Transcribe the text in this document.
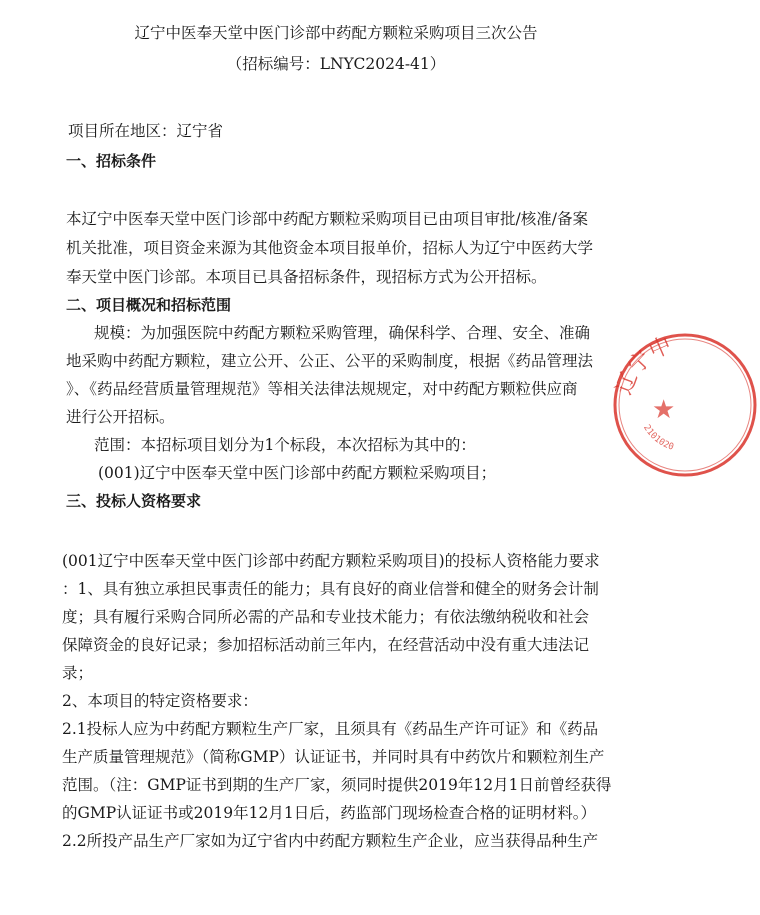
辽宁中医奉天堂中医门诊部中药配方颗粒采购项目三次公告
（招标编号：LNYC2024-41）
项目所在地区：辽宁省
一、招标条件
本辽宁中医奉天堂中医门诊部中药配方颗粒采购项目已由项目审批/核准/备案
机关批准，项目资金来源为其他资金本项目报单价，招标人为辽宁中医药大学
奉天堂中医门诊部。本项目已具备招标条件，现招标方式为公开招标。
二、项目概况和招标范围
规模：为加强医院中药配方颗粒采购管理，确保科学、合理、安全、准确
地采购中药配方颗粒，建立公开、公正、公平的采购制度，根据《药品管理法
》、《药品经营质量管理规范》等相关法律法规规定，对中药配方颗粒供应商
进行公开招标。
范围：本招标项目划分为1个标段，本次招标为其中的：
(001)辽宁中医奉天堂中医门诊部中药配方颗粒采购项目；
三、投标人资格要求
(001辽宁中医奉天堂中医门诊部中药配方颗粒采购项目)的投标人资格能力要求
：1、具有独立承担民事责任的能力；具有良好的商业信誉和健全的财务会计制
度；具有履行采购合同所必需的产品和专业技术能力；有依法缴纳税收和社会
保障资金的良好记录；参加招标活动前三年内，在经营活动中没有重大违法记
录；
2、本项目的特定资格要求：
2.1投标人应为中药配方颗粒生产厂家，且须具有《药品生产许可证》和《药品
生产质量管理规范》（简称GMP）认证证书，并同时具有中药饮片和颗粒剂生产
范围。（注：GMP证书到期的生产厂家，须同时提供2019年12月1日前曾经获得
的GMP认证证书或2019年12月1日后，药监部门现场检查合格的证明材料。）
2.2所投产品生产厂家如为辽宁省内中药配方颗粒生产企业，应当获得品种生产
辽宁中
2101020
★
